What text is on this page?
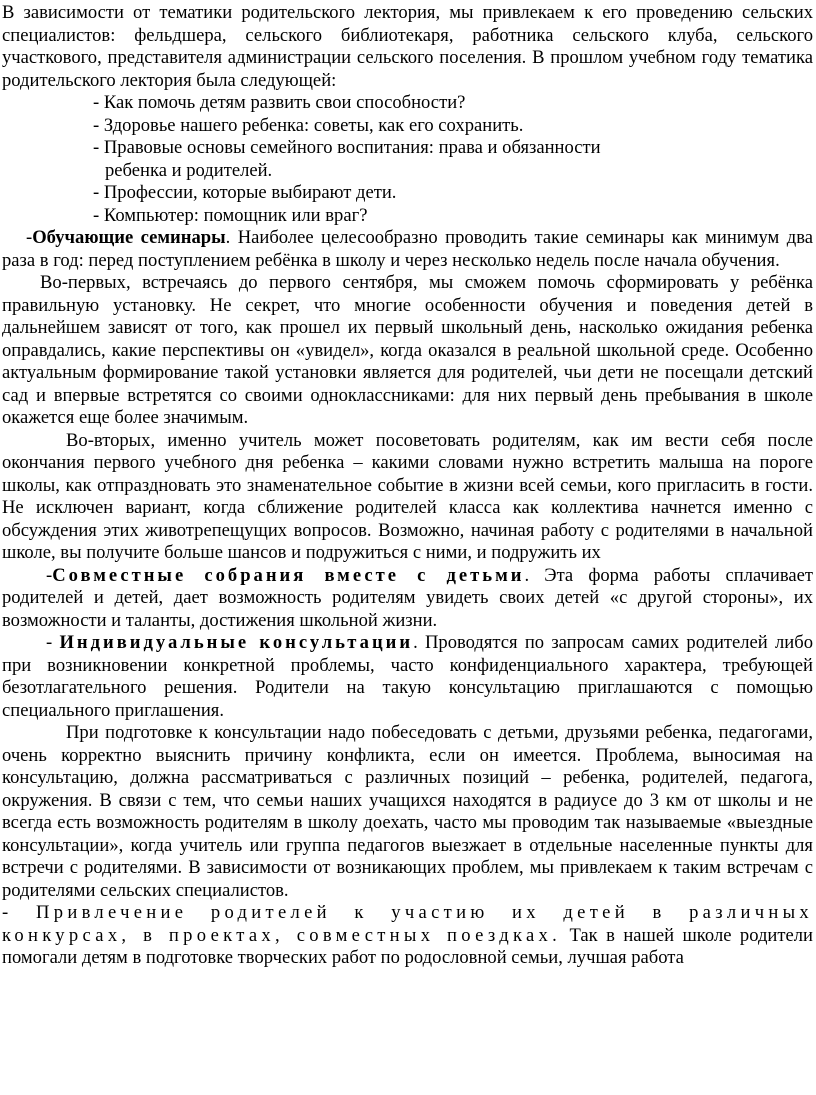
В зависимости от тематики родительского лектория, мы привлекаем к его проведению сельских специалистов: фельдшера, сельского библиотекаря, работника сельского клуба, сельского участкового, представителя администрации сельского поселения. В прошлом учебном году тематика родительского лектория была следующей:

- Как помочь детям развить свои способности?
- Здоровье нашего ребенка: советы, как его сохранить.
- Правовые основы семейного воспитания: права и обязанности
ребенка и родителей.
- Профессии, которые выбирают дети.
- Компьютер: помощник или враг?

-Обучающие семинары. Наиболее целесообразно проводить такие семинары как минимум два раза в год: перед поступлением ребёнка в школу и через несколько недель после начала обучения.

Во-первых, встречаясь до первого сентября, мы сможем помочь сформировать у ребёнка правильную установку. Не секрет, что многие особенности обучения и поведения детей в дальнейшем зависят от того, как прошел их первый школьный день, насколько ожидания ребенка оправдались, какие перспективы он «увидел», когда оказался в реальной школьной среде. Особенно актуальным формирование такой установки является для родителей, чьи дети не посещали детский сад и впервые встретятся со своими одноклассниками: для них первый день пребывания в школе окажется еще более значимым.

Во-вторых, именно учитель может посоветовать родителям, как им вести себя после окончания первого учебного дня ребенка – какими словами нужно встретить малыша на пороге школы, как отпраздновать это знаменательное событие в жизни всей семьи, кого пригласить в гости. Не исключен вариант, когда сближение родителей класса как коллектива начнется именно с обсуждения этих животрепещущих вопросов. Возможно, начиная работу с родителями в начальной школе, вы получите больше шансов и подружиться с ними, и подружить их

-Совместные собрания вместе с детьми. Эта форма работы сплачивает родителей и детей, дает возможность родителям увидеть своих детей «с другой стороны», их возможности и таланты, достижения школьной жизни.

- Индивидуальные консультации. Проводятся по запросам самих родителей либо при возникновении конкретной проблемы, часто конфиденциального характера, требующей безотлагательного решения. Родители на такую консультацию приглашаются с помощью специального приглашения.

При подготовке к консультации надо побеседовать с детьми, друзьями ребенка, педагогами, очень корректно выяснить причину конфликта, если он имеется. Проблема, выносимая на консультацию, должна рассматриваться с различных позиций – ребенка, родителей, педагога, окружения. В связи с тем, что семьи наших учащихся находятся в радиусе до 3 км от школы и не всегда есть возможность родителям в школу доехать, часто мы проводим так называемые «выездные консультации», когда учитель или группа педагогов выезжает в отдельные населенные пункты для встречи с родителями. В зависимости от возникающих проблем, мы привлекаем к таким встречам с родителями сельских специалистов.

- Привлечение родителей к участию их детей в различных конкурсах, в проектах, совместных поездках. Так в нашей школе родители помогали детям в подготовке творческих работ по родословной семьи, лучшая работа
